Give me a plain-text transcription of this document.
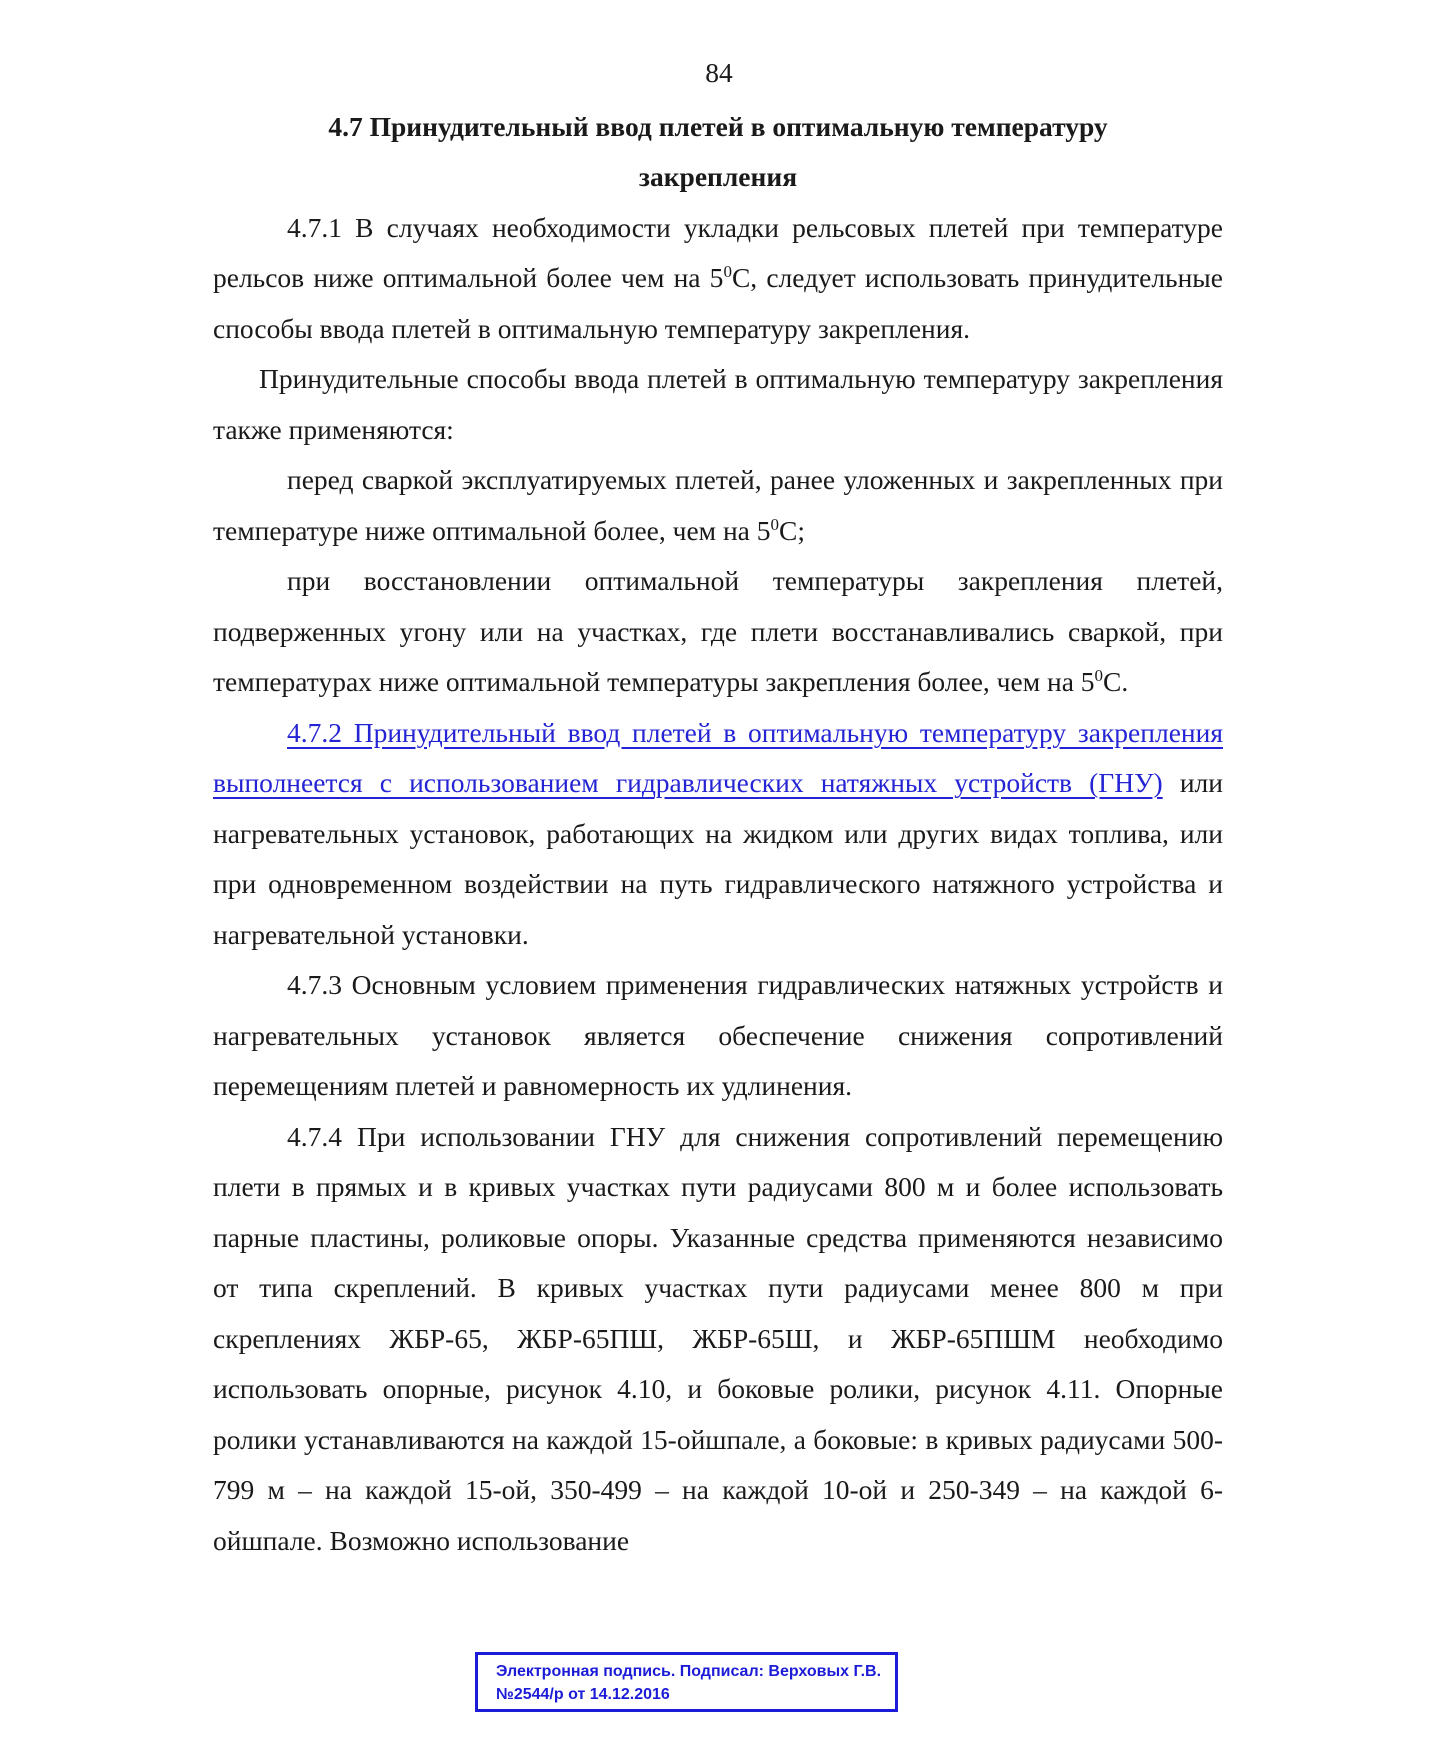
84
4.7 Принудительный ввод плетей в оптимальную температуру
закрепления
4.7.1 В случаях необходимости укладки рельсовых плетей при температуре рельсов ниже оптимальной более чем на $5^0С$, следует использовать принудительные способы ввода плетей в оптимальную температуру закрепления.
Принудительные способы ввода плетей в оптимальную температуру закрепления также применяются:
перед сваркой эксплуатируемых плетей, ранее уложенных и закрепленных при температуре ниже оптимальной более, чем на $5^0С$;
при восстановлении оптимальной температуры закрепления плетей, подверженных угону или на участках, где плети восстанавливались сваркой, при температурах ниже оптимальной температуры закрепления более, чем на $5^0С$.
4.7.2 Принудительный ввод плетей в оптимальную температуру закрепления выполнеется с использованием гидравлических натяжных устройств (ГНУ) или нагревательных установок, работающих на жидком или других видах топлива, или при одновременном воздействии на путь гидравлического натяжного устройства и нагревательной установки.
4.7.3 Основным условием применения гидравлических натяжных устройств и нагревательных установок является обеспечение снижения сопротивлений перемещениям плетей и равномерность их удлинения.
4.7.4 При использовании ГНУ для снижения сопротивлений перемещению плети в прямых и в кривых участках пути радиусами 800 м и более использовать парные пластины, роликовые опоры. Указанные средства применяются независимо от типа скреплений. В кривых участках пути радиусами менее 800 м при скреплениях ЖБР-65, ЖБР-65ПШ, ЖБР-65Ш, и ЖБР-65ПШМ необходимо использовать опорные, рисунок 4.10, и боковые ролики, рисунок 4.11. Опорные ролики устанавливаются на каждой 15-ойшпале, а боковые: в кривых радиусами 500-799 м – на каждой 15-ой, 350-499 – на каждой 10-ой и 250-349 – на каждой 6-ойшпале. Возможно использование
Электронная подпись. Подписал: Верховых Г.В.
№2544/р от 14.12.2016
